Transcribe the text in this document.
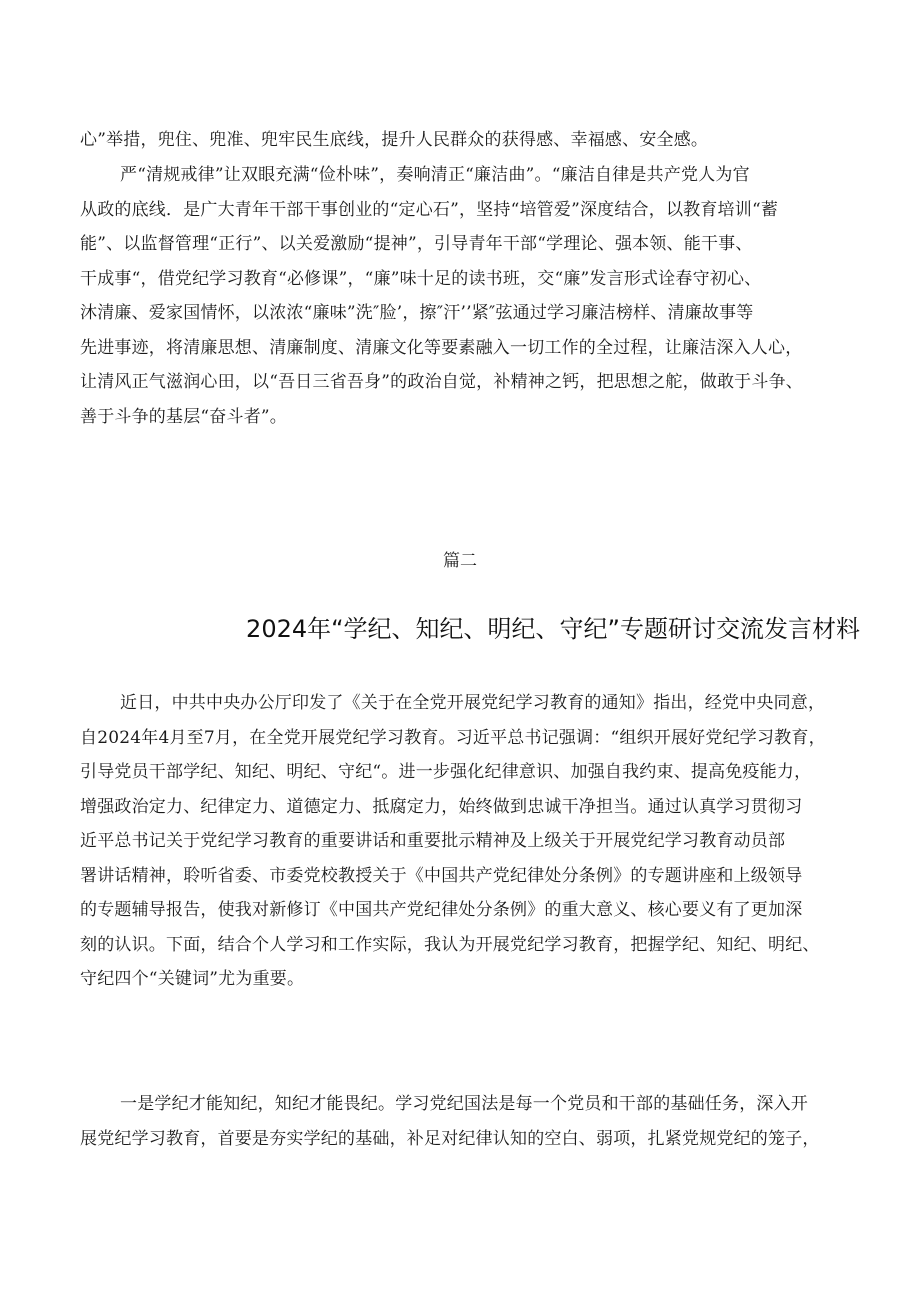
心”举措，兜住、兜准、兜牢民生底线，提升人民群众的获得感、幸福感、安全感。
严“清规戒律”让双眼充满“俭朴味”，奏响清正“廉洁曲”。“廉洁自律是共产党人为官
从政的底线．是广大青年干部干事创业的“定心石”，坚持“培管爱”深度结合，以教育培训“蓄
能”、以监督管理“正行”、以关爱激励“提神”，引导青年干部“学理论、强本领、能干事、
干成事“，借党纪学习教育“必修课”，“廉”味十足的读书班，交“廉”发言形式诠春守初心、
沐清廉、爱家国情怀，以浓浓“廉味”洗″脸’，擦″汗’’紧″弦通过学习廉洁榜样、清廉故事等
先进事迹，将清廉思想、清廉制度、清廉文化等要素融入一切工作的全过程，让廉洁深入人心，
让清风正气滋润心田，以“吾日三省吾身”的政治自觉，补精神之钙，把思想之舵，做敢于斗争、
善于斗争的基层“奋斗者”。
篇二
2024年“学纪、知纪、明纪、守纪”专题研讨交流发言材料
近日，中共中央办公厅印发了《关于在全党开展党纪学习教育的通知》指出，经党中央同意，
自2024年4月至7月，在全党开展党纪学习教育。习近平总书记强调：“组织开展好党纪学习教育，
引导党员干部学纪、知纪、明纪、守纪“。进一步强化纪律意识、加强自我约束、提高免疫能力，
增强政治定力、纪律定力、道德定力、抵腐定力，始终做到忠诚干净担当。通过认真学习贯彻习
近平总书记关于党纪学习教育的重要讲话和重要批示精神及上级关于开展党纪学习教育动员部
署讲话精神，聆听省委、市委党校教授关于《中国共产党纪律处分条例》的专题讲座和上级领导
的专题辅导报告，使我对新修订《中国共产党纪律处分条例》的重大意义、核心要义有了更加深
刻的认识。下面，结合个人学习和工作实际，我认为开展党纪学习教育，把握学纪、知纪、明纪、
守纪四个“关键词”尤为重要。
一是学纪才能知纪，知纪才能畏纪。学习党纪国法是每一个党员和干部的基础任务，深入开
展党纪学习教育，首要是夯实学纪的基础，补足对纪律认知的空白、弱项，扎紧党规党纪的笼子，
